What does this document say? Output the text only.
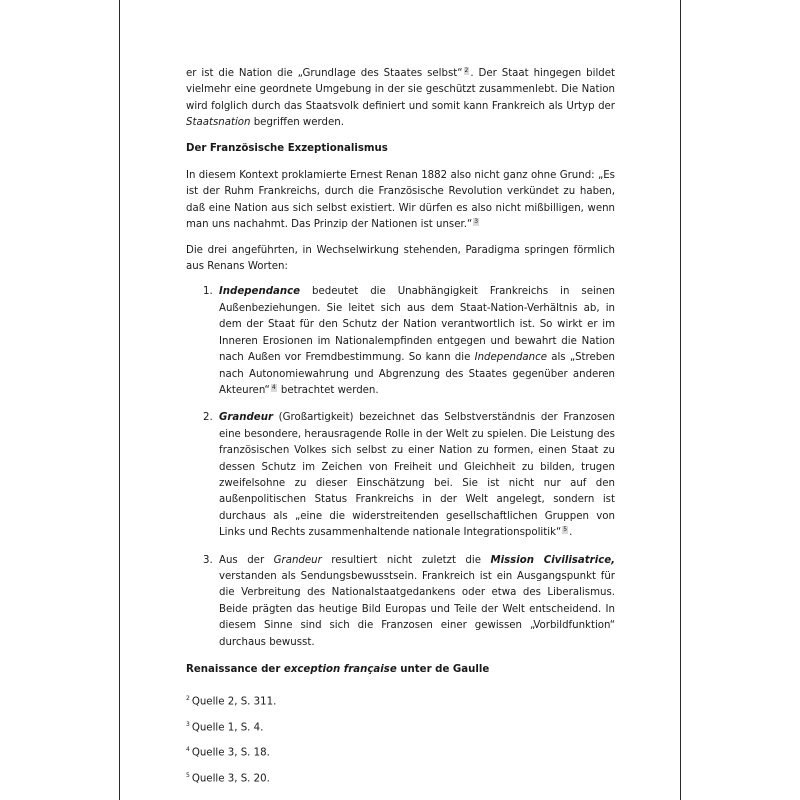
er ist die Nation die „Grundlage des Staates selbst“ 2 . Der Staat hingegen bildet vielmehr eine geordnete Umgebung in der sie geschützt zusammenlebt. Die Nation wird folglich durch das Staatsvolk definiert und somit kann Frankreich als Urtyp der Staatsnation begriffen werden.

Der Französische Exzeptionalismus

In diesem Kontext proklamierte Ernest Renan 1882 also nicht ganz ohne Grund: „Es ist der Ruhm Frankreichs, durch die Französische Revolution verkündet zu haben, daß eine Nation aus sich selbst existiert. Wir dürfen es also nicht mißbilligen, wenn man uns nachahmt. Das Prinzip der Nationen ist unser.“ 3

Die drei angeführten, in Wechselwirkung stehenden, Paradigma springen förmlich aus Renans Worten:

1. Independance bedeutet die Unabhängigkeit Frankreichs in seinen Außenbeziehungen. Sie leitet sich aus dem Staat-Nation-Verhältnis ab, in dem der Staat für den Schutz der Nation verantwortlich ist. So wirkt er im Inneren Erosionen im Nationalempfinden entgegen und bewahrt die Nation nach Außen vor Fremdbestimmung. So kann die Independance als „Streben nach Autonomiewahrung und Abgrenzung des Staates gegenüber anderen Akteuren“ 4 betrachtet werden.
2. Grandeur (Großartigkeit) bezeichnet das Selbstverständnis der Franzosen eine besondere, herausragende Rolle in der Welt zu spielen. Die Leistung des französischen Volkes sich selbst zu einer Nation zu formen, einen Staat zu dessen Schutz im Zeichen von Freiheit und Gleichheit zu bilden, trugen zweifelsohne zu dieser Einschätzung bei. Sie ist nicht nur auf den außenpolitischen Status Frankreichs in der Welt angelegt, sondern ist durchaus als „eine die widerstreitenden gesellschaftlichen Gruppen von Links und Rechts zusammenhaltende nationale Integrationspolitik“ 5 .
3. Aus der Grandeur resultiert nicht zuletzt die Mission Civilisatrice, verstanden als Sendungsbewusstsein. Frankreich ist ein Ausgangspunkt für die Verbreitung des Nationalstaatgedankens oder etwa des Liberalismus. Beide prägten das heutige Bild Europas und Teile der Welt entscheidend. In diesem Sinne sind sich die Franzosen einer gewissen „Vorbildfunktion“ durchaus bewusst.

Renaissance der exception française unter de Gaulle

$^2$ Quelle 2, S. 311.
$^3$ Quelle 1, S. 4.
$^4$ Quelle 3, S. 18.
$^5$ Quelle 3, S. 20.
